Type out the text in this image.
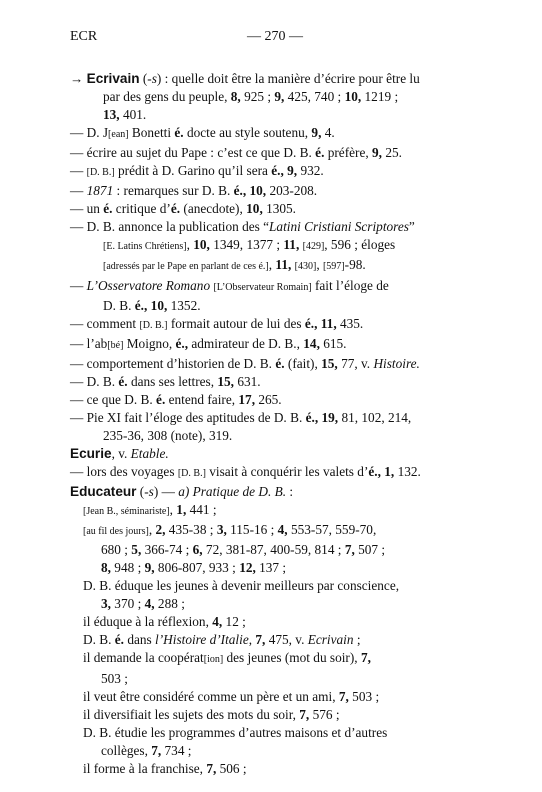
ECR	— 270 —
→ Ecrivain (-s) : quelle doit être la manière d’écrire pour être lu
par des gens du peuple, 8, 925 ; 9, 425, 740 ; 10, 1219 ;
13, 401.
— D. J[ean] Bonetti é. docte au style soutenu, 9, 4.
— écrire au sujet du Pape : c’est ce que D. B. é. préfère, 9, 25.
— [D. B.] prédit à D. Garino qu’il sera é., 9, 932.
— 1871 : remarques sur D. B. é., 10, 203-208.
— un é. critique d’é. (anecdote), 10, 1305.
— D. B. annonce la publication des “Latini Cristiani Scriptores”
[E. Latins Chrétiens], 10, 1349, 1377 ; 11, [429], 596 ; éloges
[adressés par le Pape en parlant de ces é.], 11, [430], [597]-98.
— L’Osservatore Romano [L’Observateur Romain] fait l’éloge de
D. B. é., 10, 1352.
— comment [D. B.] formait autour de lui des é., 11, 435.
— l’ab[bé] Moigno, é., admirateur de D. B., 14, 615.
— comportement d’historien de D. B. é. (fait), 15, 77, v. Histoire.
— D. B. é. dans ses lettres, 15, 631.
— ce que D. B. é. entend faire, 17, 265.
— Pie XI fait l’éloge des aptitudes de D. B. é., 19, 81, 102, 214,
235-36, 308 (note), 319.
Ecurie, v. Etable.
— lors des voyages [D. B.] visait à conquérir les valets d’é., 1, 132.
Educateur (-s) — a) Pratique de D. B. :
[Jean B., séminariste], 1, 441 ;
[au fil des jours], 2, 435-38 ; 3, 115-16 ; 4, 553-57, 559-70,
680 ; 5, 366-74 ; 6, 72, 381-87, 400-59, 814 ; 7, 507 ;
8, 948 ; 9, 806-807, 933 ; 12, 137 ;
D. B. éduque les jeunes à devenir meilleurs par conscience,
3, 370 ; 4, 288 ;
il éduque à la réflexion, 4, 12 ;
D. B. é. dans l’Histoire d’Italie, 7, 475, v. Ecrivain ;
il demande la coopérat[ion] des jeunes (mot du soir), 7,
503 ;
il veut être considéré comme un père et un ami, 7, 503 ;
il diversifiait les sujets des mots du soir, 7, 576 ;
D. B. étudie les programmes d’autres maisons et d’autres
collèges, 7, 734 ;
il forme à la franchise, 7, 506 ;
